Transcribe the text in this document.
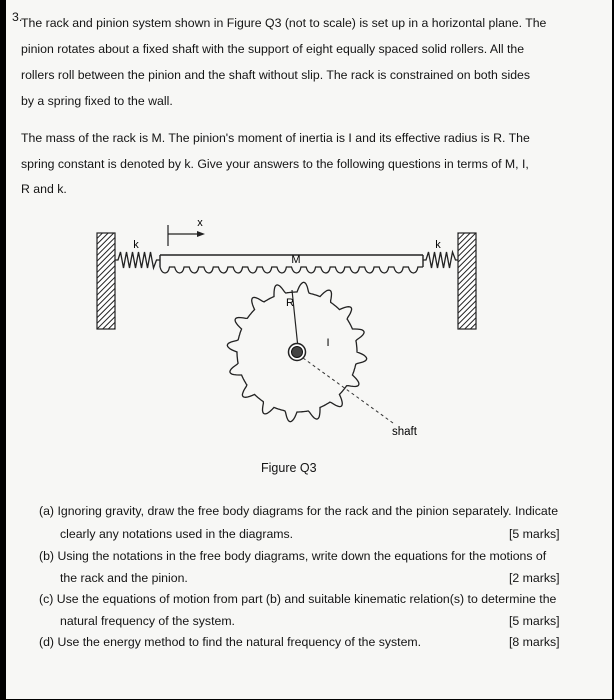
3.
The rack and pinion system shown in Figure Q3 (not to scale) is set up in a horizontal plane. The
pinion rotates about a fixed shaft with the support of eight equally spaced solid rollers. All the
rollers roll between the pinion and the shaft without slip. The rack is constrained on both sides
by a spring fixed to the wall.
The mass of the rack is M. The pinion's moment of inertia is I and its effective radius is R. The
spring constant is denoted by k. Give your answers to the following questions in terms of M, I,
R and k.
k	k
x
M
R
I
shaft
Figure Q3
(a) Ignoring gravity, draw the free body diagrams for the rack and the pinion separately. Indicate
clearly any notations used in the diagrams.	[5 marks]
(b) Using the notations in the free body diagrams, write down the equations for the motions of
the rack and the pinion.	[2 marks]
(c) Use the equations of motion from part (b) and suitable kinematic relation(s) to determine the
natural frequency of the system.	[5 marks]
(d) Use the energy method to find the natural frequency of the system.	[8 marks]
